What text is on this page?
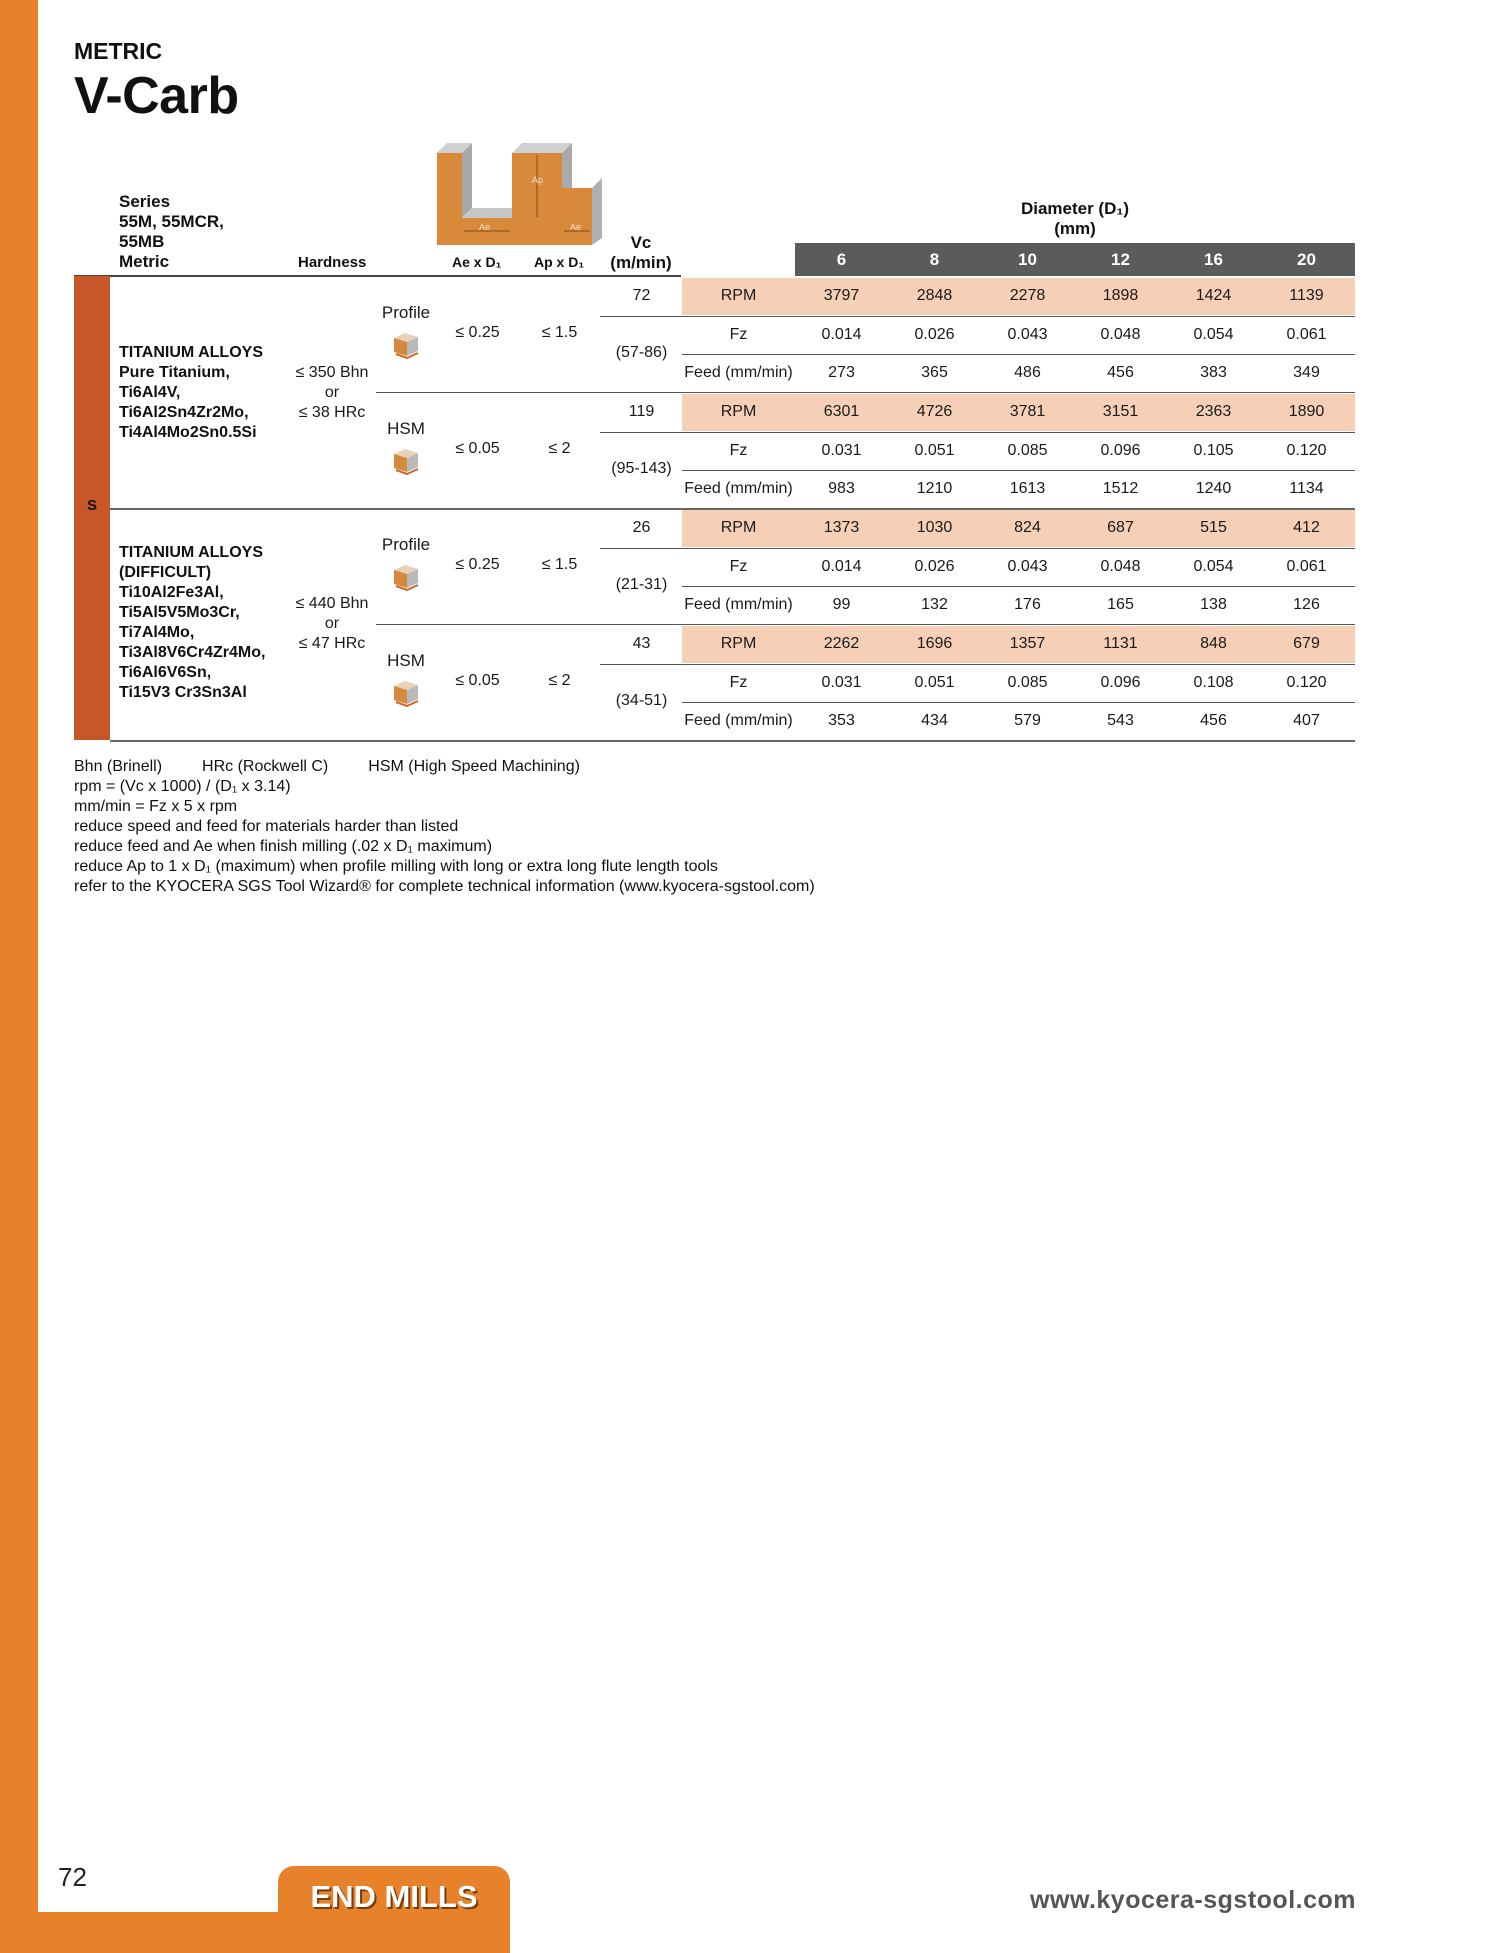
72
END MILLS	www.kyocera-sgstool.com
METRIC
V-Carb
Ap
Ae	Ae
Series
55M, 55MCR,
55MB
Metric	Hardness	Ae x D₁ Ap x D₁
Vc
(m/min)
Diameter (D₁)
(mm)
6	8	10	12	16	20
S
TITANIUM ALLOYS
Pure Titanium,
Ti6Al4V,
Ti6Al2Sn4Zr2Mo,
Ti4Al4Mo2Sn0.5Si
≤ 350 Bhn
or
≤ 38 HRc
Profile
≤ 0.25	≤ 1.5
72
(57-86)
RPM	3797	2848	2278	1898	1424	1139
Fz	0.014	0.026	0.043	0.048	0.054	0.061
Feed (mm/min)	273	365	486	456	383	349
HSM
≤ 0.05	≤ 2
119
(95-143)
RPM	6301	4726	3781	3151	2363	1890
Fz	0.031	0.051	0.085	0.096	0.105	0.120
Feed (mm/min)	983	1210	1613	1512	1240	1134
TITANIUM ALLOYS
(DIFFICULT)
Ti10Al2Fe3Al,
Ti5Al5V5Mo3Cr,
Ti7Al4Mo,
Ti3Al8V6Cr4Zr4Mo,
Ti6Al6V6Sn,
Ti15V3 Cr3Sn3Al
≤ 440 Bhn
or
≤ 47 HRc
Profile
≤ 0.25	≤ 1.5
26
(21-31)
RPM	1373	1030	824	687	515	412
Fz	0.014	0.026	0.043	0.048	0.054	0.061
Feed (mm/min)	99	132	176	165	138	126
HSM
≤ 0.05	≤ 2
43
(34-51)
RPM	2262	1696	1357	1131	848	679
Fz	0.031	0.051	0.085	0.096	0.108	0.120
Feed (mm/min)	353	434	579	543	456	407
Bhn (Brinell)	HRc (Rockwell C)	HSM (High Speed Machining)
rpm = (Vc x 1000) / (D₁ x 3.14)
mm/min = Fz x 5 x rpm
reduce speed and feed for materials harder than listed
reduce feed and Ae when finish milling (.02 x D₁ maximum)
reduce Ap to 1 x D₁ (maximum) when profile milling with long or extra long flute length tools
refer to the KYOCERA SGS Tool Wizard® for complete technical information (www.kyocera-sgstool.com)
